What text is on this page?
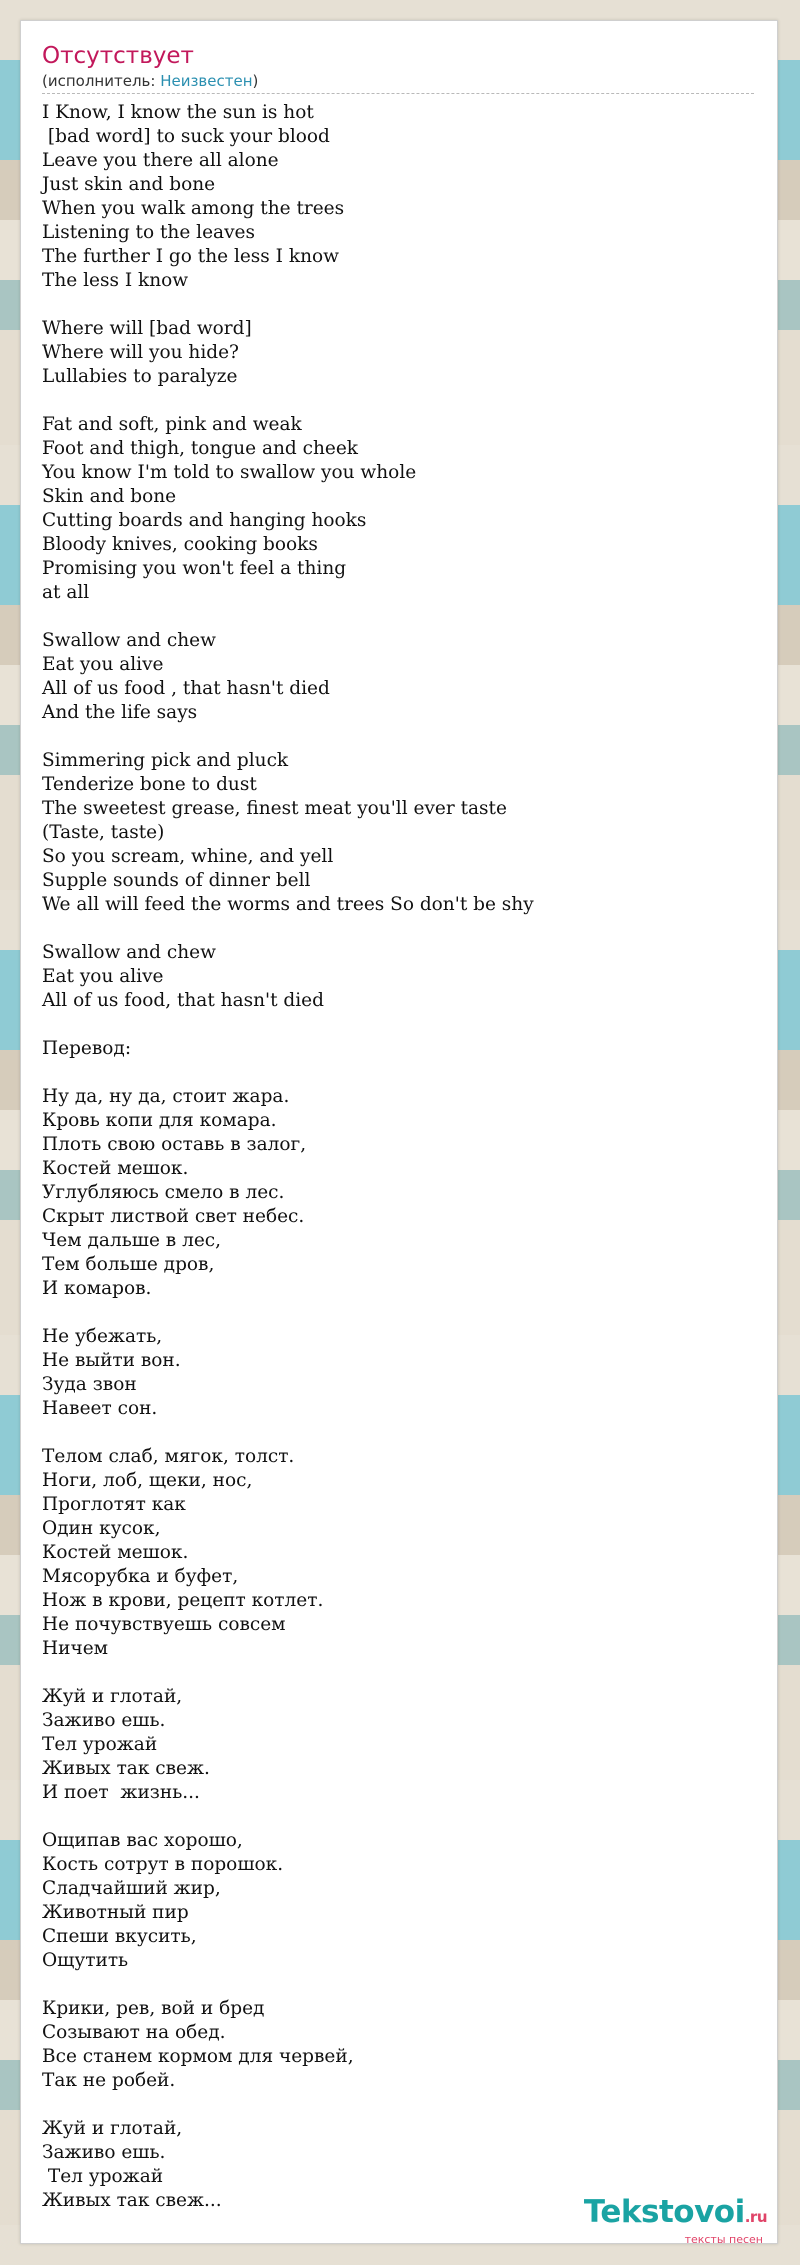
Отсутствует
(исполнитель: Неизвестен)
I Know, I know the sun is hot
[bad word] to suck your blood
Leave you there all alone
Just skin and bone
When you walk among the trees
Listening to the leaves
The further I go the less I know
The less I know

Where will [bad word]
Where will you hide?
Lullabies to paralyze

Fat and soft, pink and weak
Foot and thigh, tongue and cheek
You know I'm told to swallow you whole
Skin and bone
Cutting boards and hanging hooks
Bloody knives, cooking books
Promising you won't feel a thing
at all

Swallow and chew
Eat you alive
All of us food , that hasn't died
And the life says

Simmering pick and pluck
Tenderize bone to dust
The sweetest grease, finest meat you'll ever taste
(Taste, taste)
So you scream, whine, and yell
Supple sounds of dinner bell
We all will feed the worms and trees So don't be shy

Swallow and chew
Eat you alive
All of us food, that hasn't died

Перевод:

Ну да, ну да, стоит жара.
Кровь копи для комара.
Плоть свою оставь в залог,
Костей мешок.
Углубляюсь смело в лес.
Скрыт листвой свет небес.
Чем дальше в лес,
Тем больше дров,
И комаров.

Не убежать,
Не выйти вон.
Зуда звон
Навеет сон.

Телом слаб, мягок, толст.
Ноги, лоб, щеки, нос,
Проглотят как
Один кусок,
Костей мешок.
Мясорубка и буфет,
Нож в крови, рецепт котлет.
Не почувствуешь совсем
Ничем

Жуй и глотай,
Заживо ешь.
Тел урожай
Живых так свеж.
И поет  жизнь...

Ощипав вас хорошо,
Кость сотрут в порошок.
Сладчайший жир,
Животный пир
Спеши вкусить,
Ощутить

Крики, рев, вой и бред
Созывают на обед.
Все станем кормом для червей,
Так не робей.

Жуй и глотай,
Заживо ешь.
Тел урожай
Живых так свеж...	Tekstovoi.ru
тексты песен
